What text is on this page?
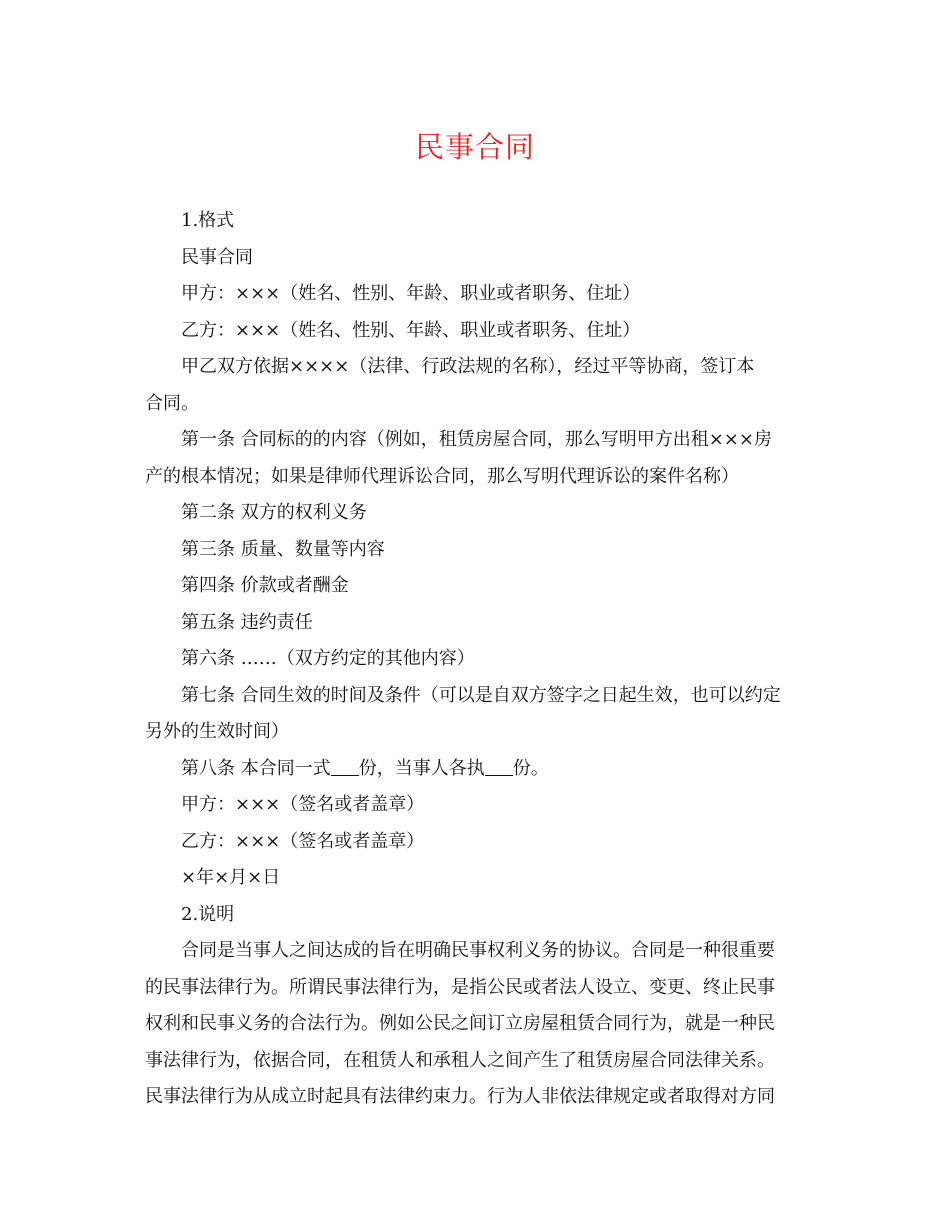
民事合同
1.格式
民事合同
甲方：×××（姓名、性别、年龄、职业或者职务、住址）
乙方：×××（姓名、性别、年龄、职业或者职务、住址）
甲乙双方依据××××（法律、行政法规的名称），经过平等协商，签订本
合同。
第一条 合同标的的内容（例如，租赁房屋合同，那么写明甲方出租×××房
产的根本情况；如果是律师代理诉讼合同，那么写明代理诉讼的案件名称）
第二条 双方的权利义务
第三条 质量、数量等内容
第四条 价款或者酬金
第五条 违约责任
第六条 ……（双方约定的其他内容）
第七条 合同生效的时间及条件（可以是自双方签字之日起生效，也可以约定
另外的生效时间）
第八条 本合同一式 份，当事人各执 份。
甲方：×××（签名或者盖章）
乙方：×××（签名或者盖章）
×年×月×日
2.说明
合同是当事人之间达成的旨在明确民事权利义务的协议。合同是一种很重要
的民事法律行为。所谓民事法律行为，是指公民或者法人设立、变更、终止民事
权利和民事义务的合法行为。例如公民之间订立房屋租赁合同行为，就是一种民
事法律行为，依据合同，在租赁人和承租人之间产生了租赁房屋合同法律关系。
民事法律行为从成立时起具有法律约束力。行为人非依法律规定或者取得对方同
